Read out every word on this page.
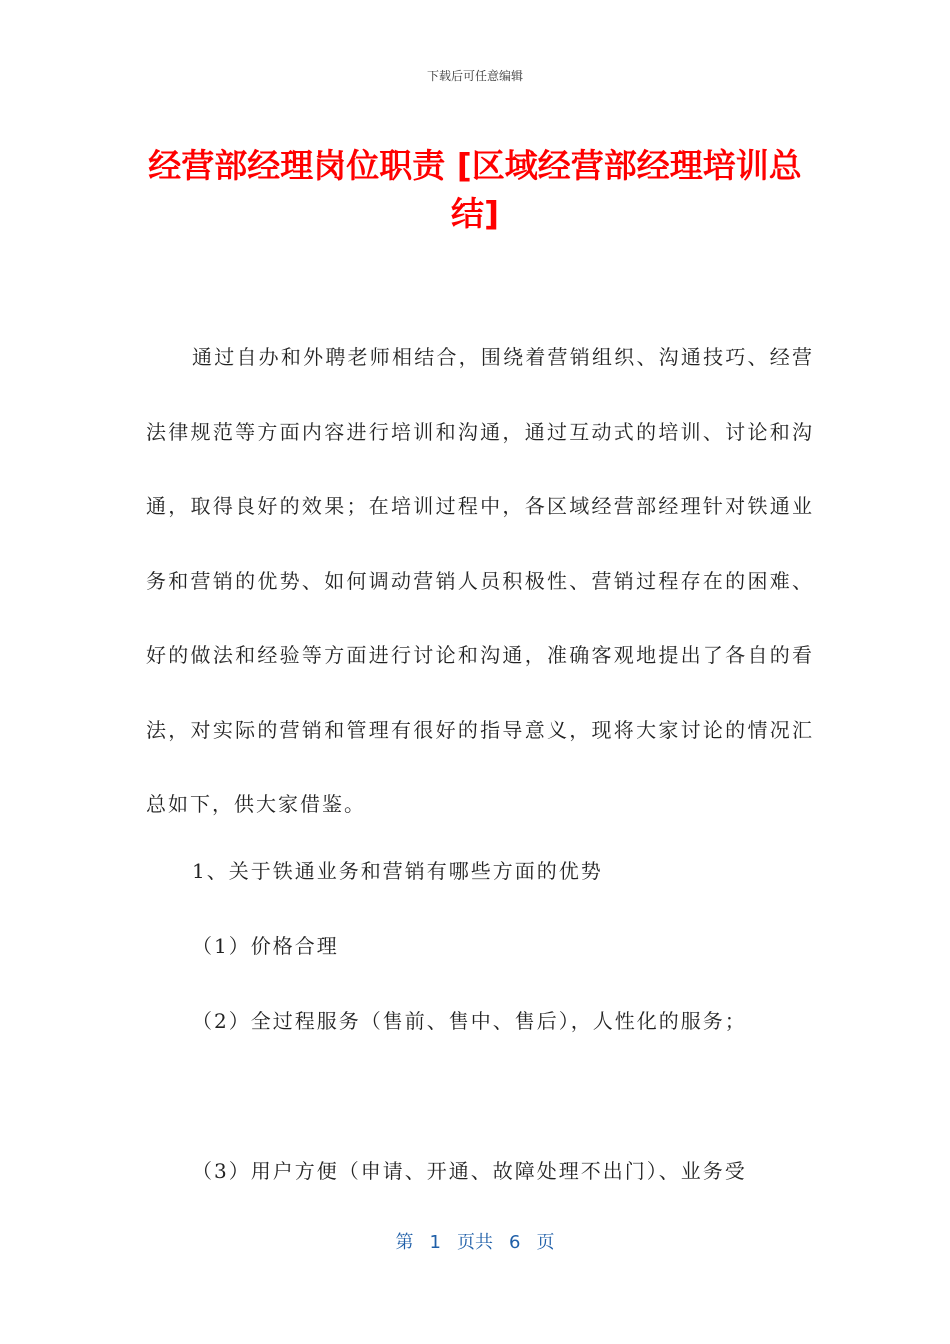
下载后可任意编辑
经营部经理岗位职责 [区域经营部经理培训总结]

通过自办和外聘老师相结合，围绕着营销组织、沟通技巧、经营法律规范等方面内容进行培训和沟通，通过互动式的培训、讨论和沟通，取得良好的效果；在培训过程中，各区域经营部经理针对铁通业务和营销的优势、如何调动营销人员积极性、营销过程存在的困难、好的做法和经验等方面进行讨论和沟通，准确客观地提出了各自的看法，对实际的营销和管理有很好的指导意义，现将大家讨论的情况汇总如下，供大家借鉴。

1、关于铁通业务和营销有哪些方面的优势
（1）价格合理
（2）全过程服务（售前、售中、售后），人性化的服务；
（3）用户方便（申请、开通、故障处理不出门）、业务受
第 1 页共 6 页
